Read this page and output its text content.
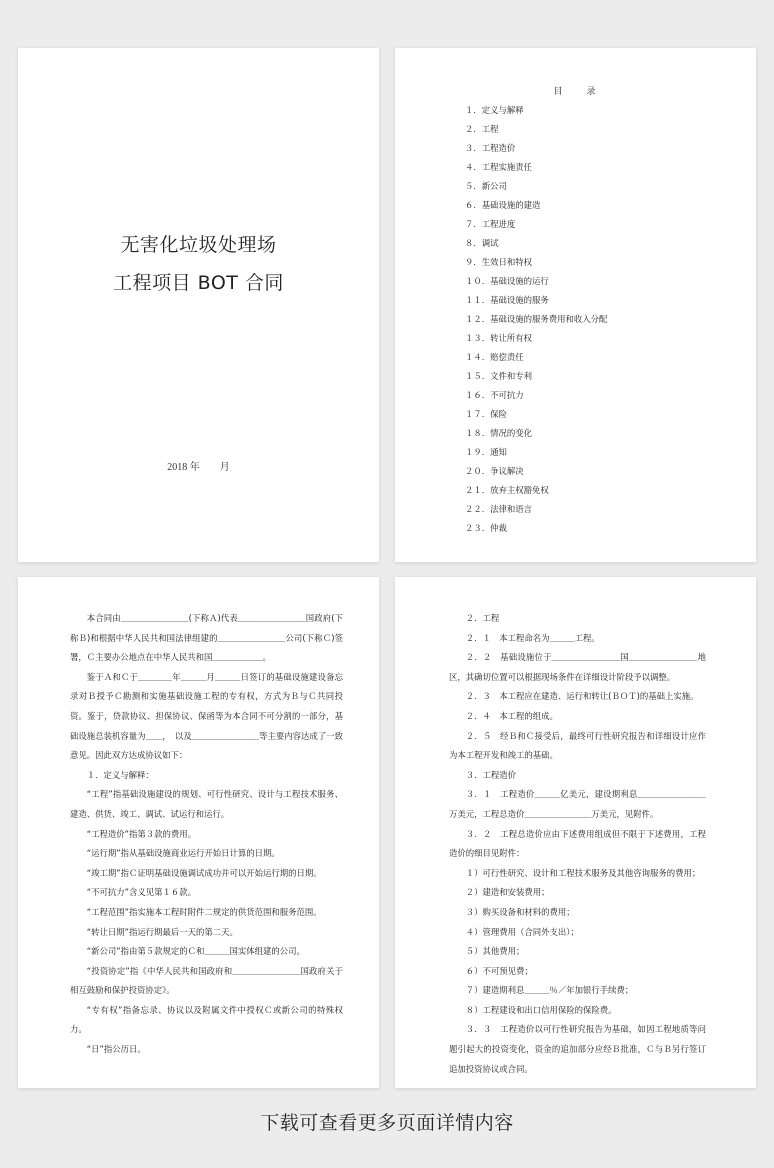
无害化垃圾处理场
工程项目 BOT 合同
2018 年　　月
目　　录
１．定义与解释
２．工程
３．工程造价
４．工程实施责任
５．新公司
６．基础设施的建造
７．工程进度
８．调试
９．生效日和特权
１０．基础设施的运行
１１．基础设施的服务
１２．基础设施的服务费用和收入分配
１３．转让所有权
１４．赔偿责任
１５．文件和专利
１６．不可抗力
１７．保险
１８．情况的变化
１９．通知
２０．争议解决
２１．放弃主权豁免权
２２．法律和语言
２３．仲裁

本合同由＿＿＿＿＿＿＿＿(下称Ａ)代表＿＿＿＿＿＿＿＿国政府(下称Ｂ)和根据中华人民共和国法律组建的＿＿＿＿＿＿＿＿公司(下称Ｃ)签署，Ｃ主要办公地点在中华人民共和国＿＿＿＿＿＿。

鉴于Ａ和Ｃ于＿＿＿＿年＿＿＿月＿＿＿日签订的基础设施建设备忘录对Ｂ授予Ｃ勘测和实施基础设施工程的专有权，方式为Ｂ与Ｃ共同投资。鉴于，贷款协议、担保协议、保函等为本合同不可分割的一部分，基础设施总装机容量为＿＿，　以及＿＿＿＿＿＿＿＿等主要内容达成了一致意见。因此双方达成协议如下：

１．定义与解释：

“工程”指基础设施建设的规划、可行性研究、设计与工程技术服务、建造、供货、竣工、调试、试运行和运行。

“工程造价”指第３款的费用。

“运行期”指从基础设施商业运行开始日计算的日期。

“竣工期”指Ｃ证明基础设施调试成功并可以开始运行期的日期。

“不可抗力”含义见第１６款。

“工程范围”指实施本工程时附件二规定的供货范围和服务范围。

“转让日期”指运行期最后一天的第二天。

“新公司”指由第５款规定的Ｃ和＿＿＿国实体组建的公司。

“投资协定”指《中华人民共和国政府和＿＿＿＿＿＿＿＿国政府关于相互鼓励和保护投资协定》。

“专有权”指备忘录、协议以及附属文件中授权Ｃ或新公司的特殊权力。

“日”指公历日。

２．工程

２．１　本工程命名为＿＿＿工程。

２．２　基础设施位于＿＿＿＿＿＿＿＿国＿＿＿＿＿＿＿＿地区，其确切位置可以根据现场条件在详细设计阶段予以调整。

２．３　本工程应在建造、运行和转让(ＢＯＴ)的基础上实施。

２．４　本工程的组成。

２．５　经Ｂ和Ｃ接受后，最终可行性研究报告和详细设计应作为本工程开发和竣工的基础。

３．工程造价

３．１　工程造价＿＿＿亿美元，建设期利息＿＿＿＿＿＿＿＿万美元，工程总造价＿＿＿＿＿＿＿＿万美元，见附件。

３．２　工程总造价应由下述费用组成但不限于下述费用，工程造价的细目见附件：

１）可行性研究、设计和工程技术服务及其他咨询服务的费用；

２）建造和安装费用；

３）购买设备和材料的费用；

４）管理费用（合同外支出）；

５）其他费用；

６）不可预见费；

７）建造期利息＿＿＿％／年加银行手续费；

８）工程建设和出口信用保险的保险费。

３．３　工程造价以可行性研究报告为基础，如因工程地质等问题引起大的投资变化，资金的追加部分应经Ｂ批准，Ｃ与Ｂ另行签订追加投资协议或合同。

下载可查看更多页面详情内容
